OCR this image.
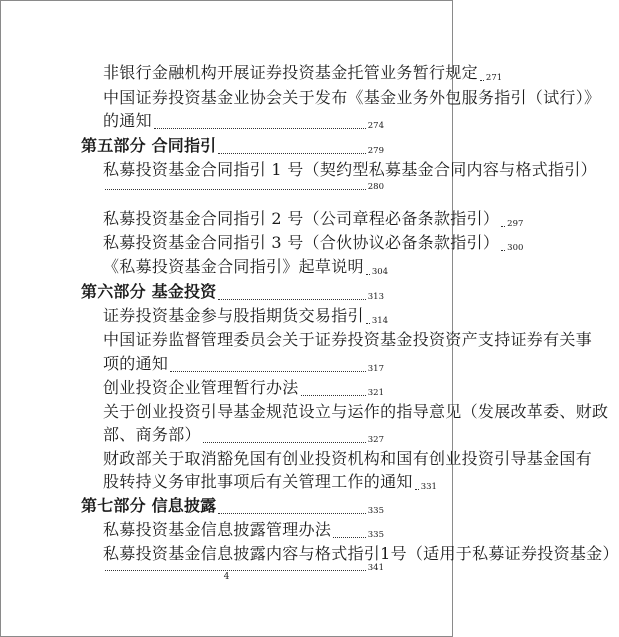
非银行金融机构开展证券投资基金托管业务暂行规定 271
中国证券投资基金业协会关于发布《基金业务外包服务指引（试行）》
的通知	274
第五部分 合同指引	279
私募投资基金合同指引 1 号（契约型私募基金合同内容与格式指引）
280
私募投资基金合同指引 2 号（公司章程必备条款指引） 297
私募投资基金合同指引 3 号（合伙协议必备条款指引） 300
《私募投资基金合同指引》起草说明 304
第六部分 基金投资	313
证券投资基金参与股指期货交易指引 314
中国证券监督管理委员会关于证券投资基金投资资产支持证券有关事
项的通知	317
创业投资企业管理暂行办法	321
关于创业投资引导基金规范设立与运作的指导意见（发展改革委、财政
部、商务部）	327
财政部关于取消豁免国有创业投资机构和国有创业投资引导基金国有
股转持义务审批事项后有关管理工作的通知 331
第七部分 信息披露	335
私募投资基金信息披露管理办法	335
私募投资基金信息披露内容与格式指引1号（适用于私募证券投资基金）
341
4
